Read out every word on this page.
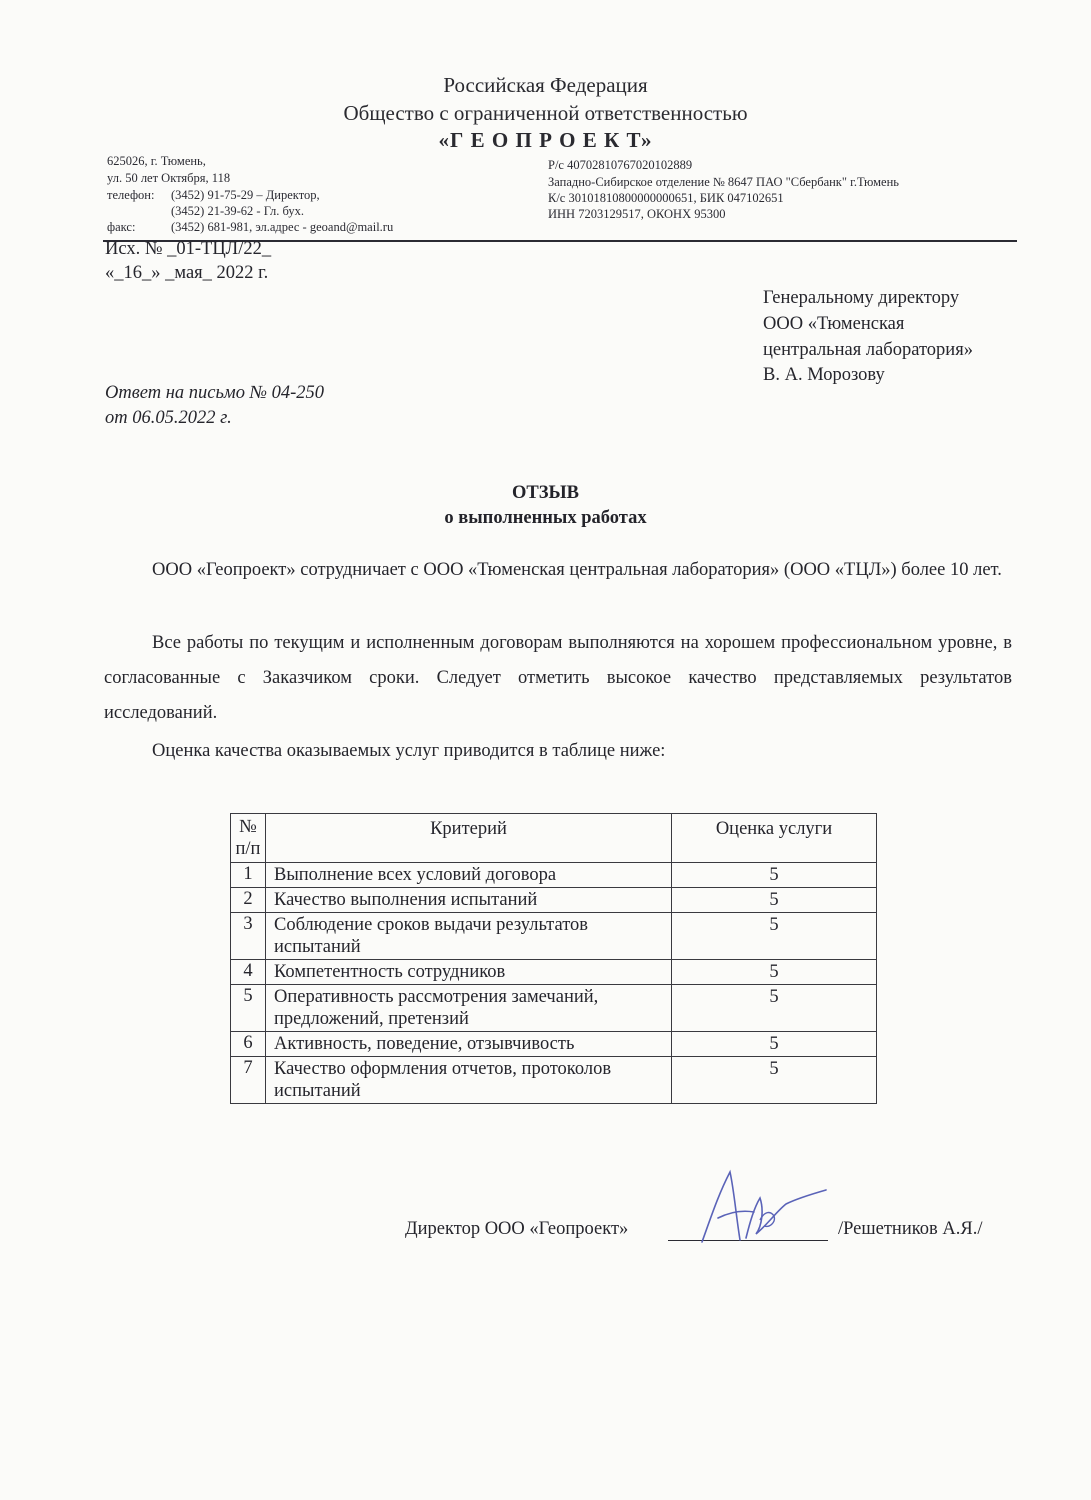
Российская Федерация
Общество с ограниченной ответственностью
«Г Е О П Р О Е К Т»
625026, г. Тюмень,
ул. 50 лет Октября, 118
телефон: (3452) 91-75-29 – Директор,
(3452) 21-39-62 - Гл. бух.
факс:	(3452) 681-981, эл.адрес - geoand@mail.ru
Р/с 40702810767020102889
Западно-Сибирское отделение № 8647 ПАО "Сбербанк" г.Тюмень
К/с 30101810800000000651, БИК 047102651
ИНН 7203129517, ОКОНХ 95300
Исх. № _01-ТЦЛ/22_
«_16_» _мая_ 2022 г.
Генеральному директору
ООО «Тюменская
центральная лаборатория»
В. А. Морозову
Ответ на письмо № 04-250
от 06.05.2022 г.
ОТЗЫВ
о выполненных работах
ООО «Геопроект» сотрудничает с ООО «Тюменская центральная лаборатория» (ООО «ТЦЛ») более 10 лет.
Все работы по текущим и исполненным договорам выполняются на хорошем профессиональном уровне, в согласованные с Заказчиком сроки. Следует отметить высокое качество представляемых результатов исследований.
Оценка качества оказываемых услуг приводится в таблице ниже:
№ п/п	Критерий	Оценка услуги
1	Выполнение всех условий договора	5
2	Качество выполнения испытаний	5
3	Соблюдение сроков выдачи результатов испытаний	5
4	Компетентность сотрудников	5
5	Оперативность рассмотрения замечаний, предложений, претензий	5
6	Активность, поведение, отзывчивость	5
7	Качество оформления отчетов, протоколов испытаний	5
Директор ООО «Геопроект»	/Решетников А.Я./
